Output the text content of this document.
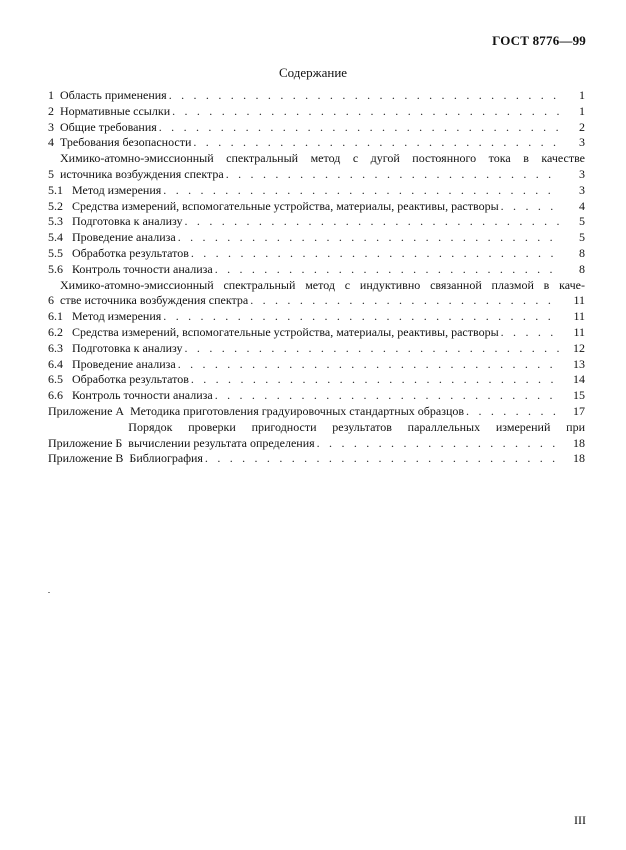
ГОСТ 8776—99
Содержание
1 Область применения . . .	1
2 Нормативные ссылки . . .	1
3 Общие требования . . .	2
4 Требования безопасности . . .	3
5
Химико-атомно-эмиссионный спектральный метод с дугой постоянного тока в качестве
источника возбуждения спектра . . .	3
5.1 Метод измерения . . .	3
5.2 Средства измерений, вспомогательные устройства, материалы, реактивы, растворы . . .	4
5.3 Подготовка к анализу . . .	5
5.4 Проведение анализа . . .	5
5.5 Обработка результатов . . .	8
5.6 Контроль точности анализа . . .	8
6
Химико-атомно-эмиссионный спектральный метод с индуктивно связанной плазмой в каче-
стве источника возбуждения спектра . . .	11
6.1 Метод измерения . . .	11
6.2 Средства измерений, вспомогательные устройства, материалы, реактивы, растворы . . .	11
6.3 Подготовка к анализу . . .	12
6.4 Проведение анализа . . .	13
6.5 Обработка результатов . . .	14
6.6 Контроль точности анализа . . .	15
Приложение А Методика приготовления градуировочных стандартных образцов . . .	17
Приложение Б
Порядок проверки пригодности результатов параллельных измерений при
вычислении результата определения . . .	18
Приложение В Библиография . . .	18
III
